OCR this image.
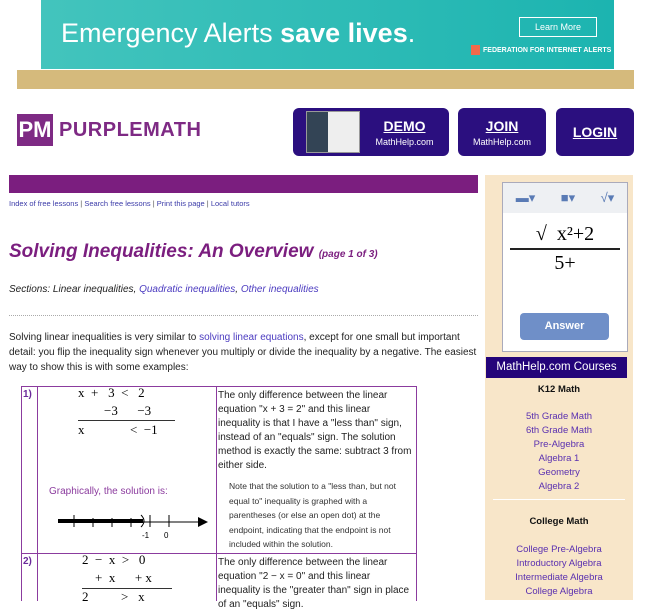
Emergency Alerts save lives.	Learn More
FEDERATION FOR INTERNET ALERTS
PM PURPLEMATH	DEMO
MathHelp.com
JOIN
MathHelp.com
LOGIN
Index of free lessons | Search free lessons | Print this page | Local tutors
Solving Inequalities: An Overview (page 1 of 3)
Sections: Linear inequalities, Quadratic inequalities, Other inequalities
Solving linear inequalities is very similar to solving linear equations, except for one small but important detail: you flip the inequality sign whenever you multiply or divide the inequality by a negative. The easiest way to show this is with some examples:
1)
2)
x  +   3  <   2
−3      −3
x              <  −1
Graphically, the solution is:
-1 0
2  −  x  >   0
+  x      + x
2          >   x
The only difference between the linear equation "x + 3 = 2" and this linear inequality is that I have a "less than" sign, instead of an "equals" sign. The solution method is exactly the same: subtract 3 from either side.
Note that the solution to a "less than, but not equal to" inequality is graphed with a parentheses (or else an open dot) at the endpoint, indicating that the endpoint is not included within the solution.
The only difference between the linear equation "2 − x = 0" and this linear inequality is the "greater than" sign in place of an "equals" sign.
▬▾ ■▾ √▾
√  x²+2
5+
Answer
MathHelp.com Courses
K12 Math
5th Grade Math
6th Grade Math
Pre-Algebra
Algebra 1
Geometry
Algebra 2
College Math
College Pre-Algebra
Introductory Algebra
Intermediate Algebra
College Algebra
